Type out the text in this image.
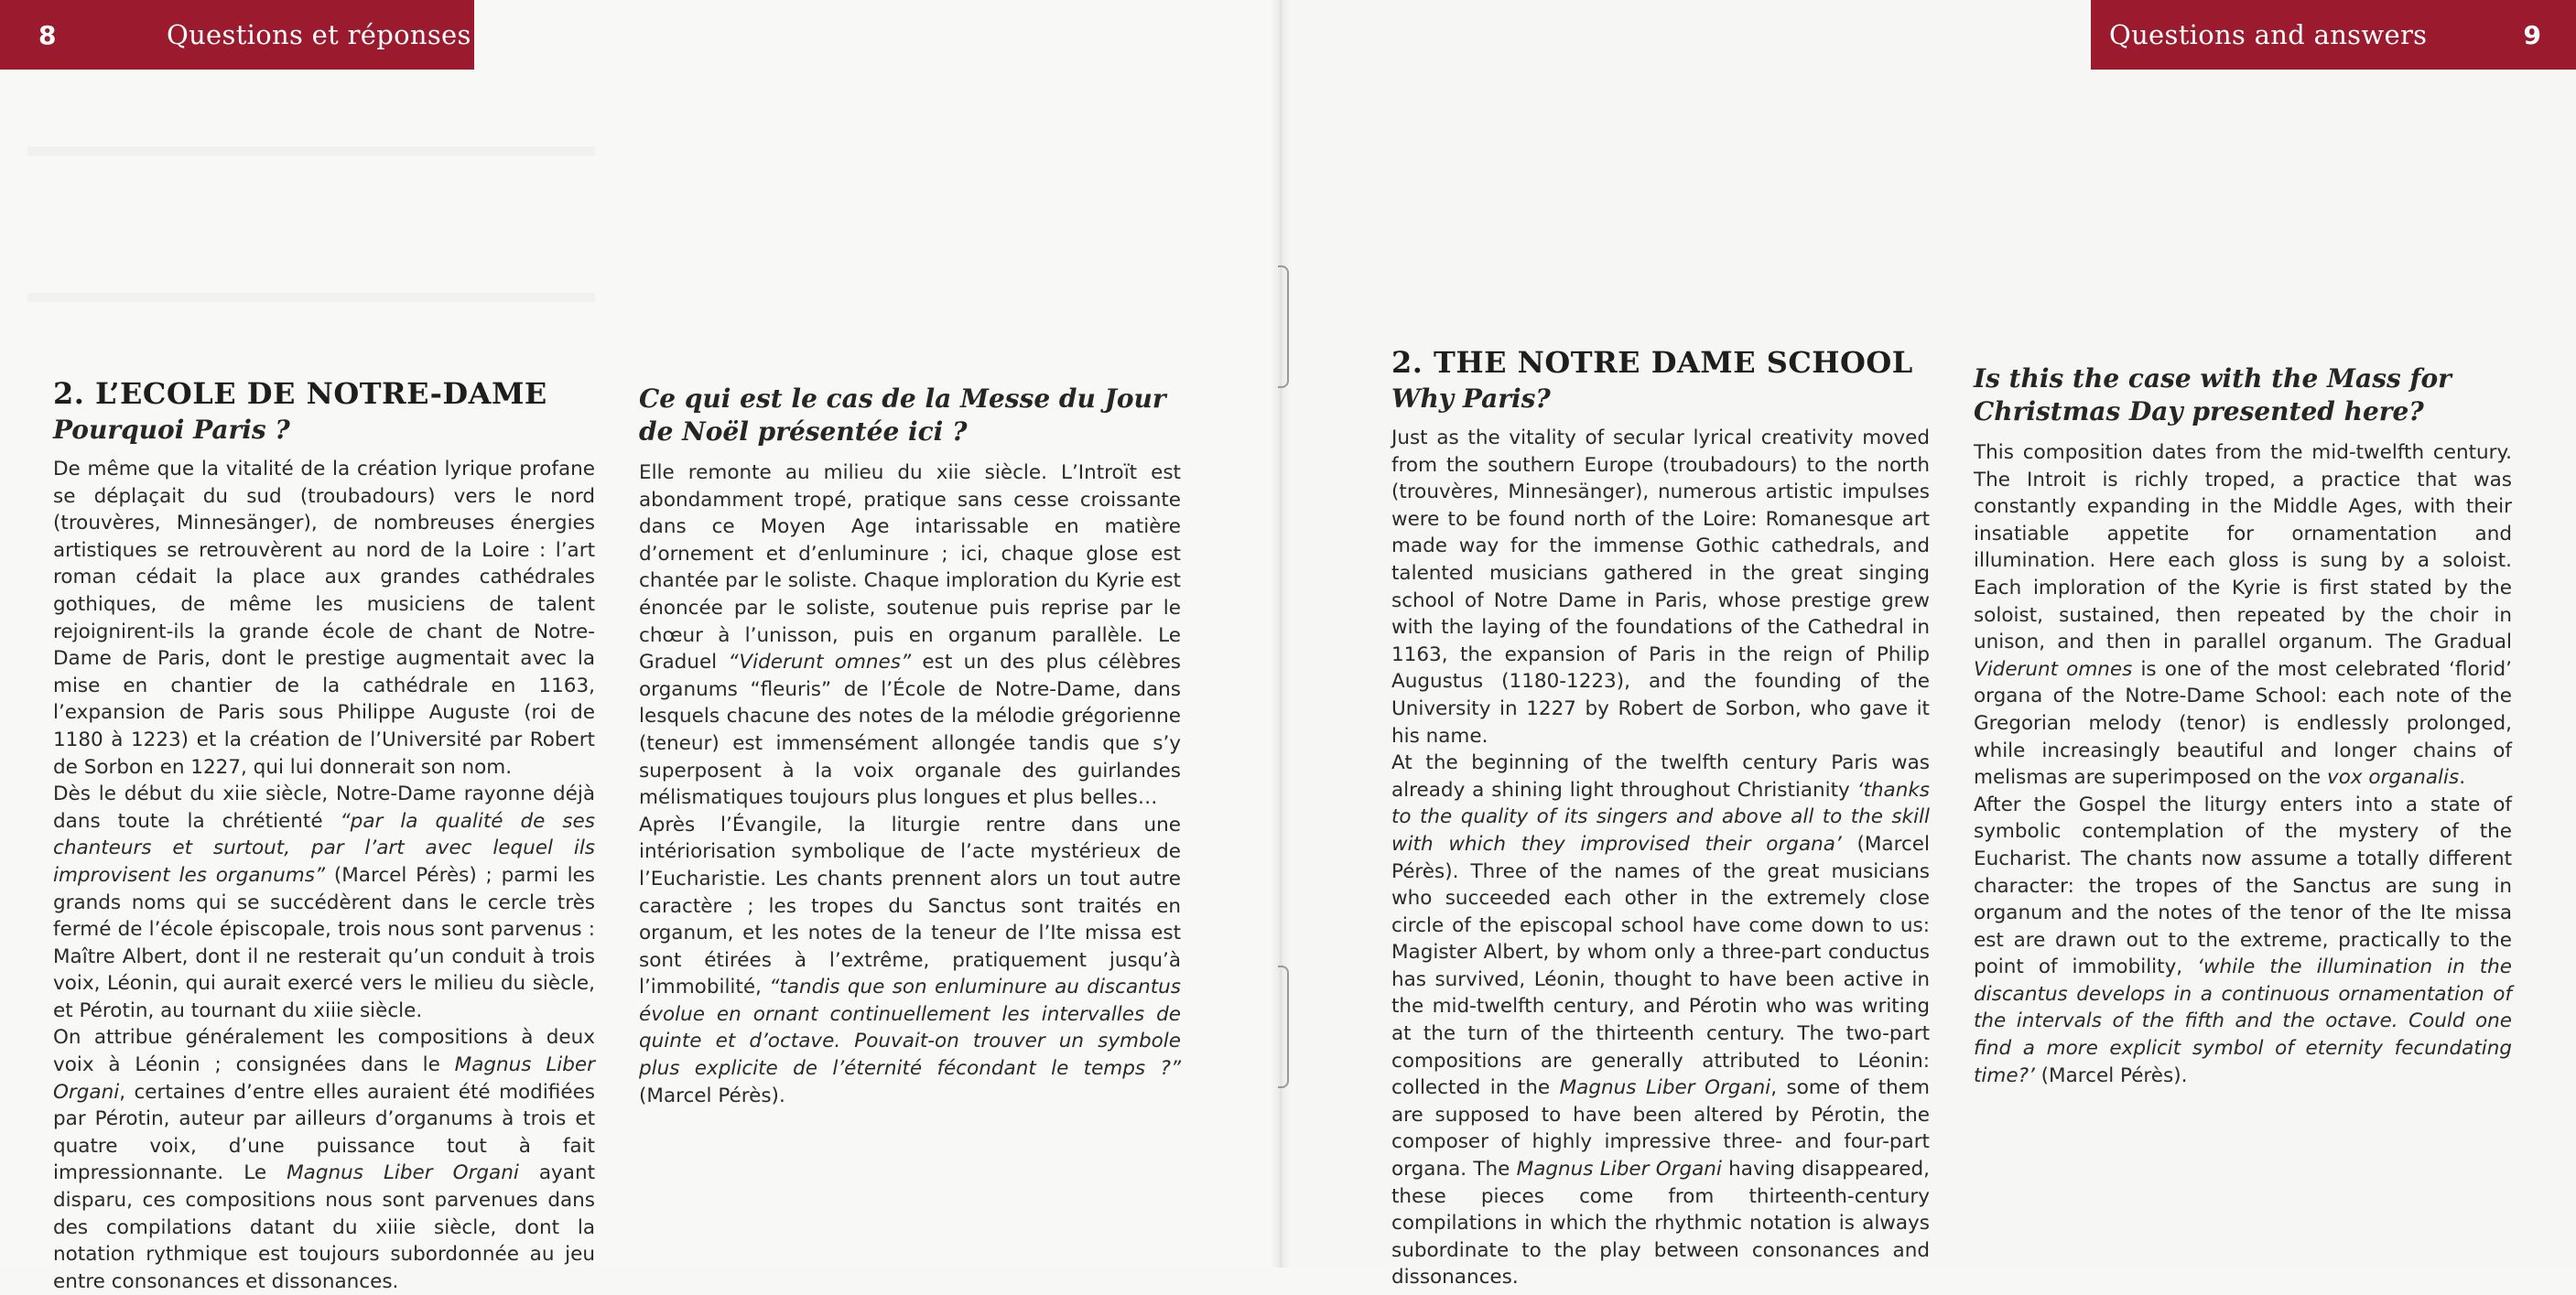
8	Questions et réponses
2. L’ECOLE DE NOTRE-DAME
Pourquoi Paris ?

De même que la vitalité de la création lyrique profane se déplaçait du sud (troubadours) vers le nord (trouvères, Minnesänger), de nombreuses énergies artistiques se retrouvèrent au nord de la Loire : l’art roman cédait la place aux grandes cathédrales gothiques, de même les musiciens de talent rejoignirent-ils la grande école de chant de Notre-Dame de Paris, dont le prestige augmentait avec la mise en chantier de la cathédrale en 1163, l’expansion de Paris sous Philippe Auguste (roi de 1180 à 1223) et la création de l’Université par Robert de Sorbon en 1227, qui lui donnerait son nom.

Dès le début du xiie siècle, Notre-Dame rayonne déjà dans toute la chrétienté “par la qualité de ses chanteurs et surtout, par l’art avec lequel ils improvisent les organums” (Marcel Pérès) ; parmi les grands noms qui se succédèrent dans le cercle très fermé de l’école épiscopale, trois nous sont parvenus : Maître Albert, dont il ne resterait qu’un conduit à trois voix, Léonin, qui aurait exercé vers le milieu du siècle, et Pérotin, au tournant du xiiie siècle.

On attribue généralement les compositions à deux voix à Léonin ; consignées dans le Magnus Liber Organi, certaines d’entre elles auraient été modifiées par Pérotin, auteur par ailleurs d’organums à trois et quatre voix, d’une puissance tout à fait impressionnante. Le Magnus Liber Organi ayant disparu, ces compositions nous sont parvenues dans des compilations datant du xiiie siècle, dont la notation rythmique est toujours subordonnée au jeu entre consonances et dissonances.

Ce qui est le cas de la Messe du Jour de Noël présentée ici ?

Elle remonte au milieu du xiie siècle. L’Introït est abondamment tropé, pratique sans cesse croissante dans ce Moyen Age intarissable en matière d’ornement et d’enluminure ; ici, chaque glose est chantée par le soliste. Chaque imploration du Kyrie est énoncée par le soliste, soutenue puis reprise par le chœur à l’unisson, puis en organum parallèle. Le Graduel “Viderunt omnes” est un des plus célèbres organums “fleuris” de l’École de Notre-Dame, dans lesquels chacune des notes de la mélodie grégorienne (teneur) est immensément allongée tandis que s’y superposent à la voix organale des guirlandes mélismatiques toujours plus longues et plus belles…

Après l’Évangile, la liturgie rentre dans une intériorisation symbolique de l’acte mystérieux de l’Eucharistie. Les chants prennent alors un tout autre caractère ; les tropes du Sanctus sont traités en organum, et les notes de la teneur de l’Ite missa est sont étirées à l’extrême, pratiquement jusqu’à l’immobilité, “tandis que son enluminure au discantus évolue en ornant continuellement les intervalles de quinte et d’octave. Pouvait-on trouver un symbole plus explicite de l’éternité fécondant le temps ?” (Marcel Pérès).

Questions and answers	9
2. THE NOTRE DAME SCHOOL
Why Paris?

Just as the vitality of secular lyrical creativity moved from the southern Europe (troubadours) to the north (trouvères, Minnesänger), numerous artistic impulses were to be found north of the Loire: Romanesque art made way for the immense Gothic cathedrals, and talented musicians gathered in the great singing school of Notre Dame in Paris, whose prestige grew with the laying of the foundations of the Cathedral in 1163, the expansion of Paris in the reign of Philip Augustus (1180-1223), and the founding of the University in 1227 by Robert de Sorbon, who gave it his name.

At the beginning of the twelfth century Paris was already a shining light throughout Christianity ‘thanks to the quality of its singers and above all to the skill with which they improvised their organa’ (Marcel Pérès). Three of the names of the great musicians who succeeded each other in the extremely close circle of the episcopal school have come down to us: Magister Albert, by whom only a three-part conductus has survived, Léonin, thought to have been active in the mid-twelfth century, and Pérotin who was writing at the turn of the thirteenth century. The two-part compositions are generally attributed to Léonin: collected in the Magnus Liber Organi, some of them are supposed to have been altered by Pérotin, the composer of highly impressive three- and four-part organa. The Magnus Liber Organi having disappeared, these pieces come from thirteenth-century compilations in which the rhythmic notation is always subordinate to the play between consonances and dissonances.

Is this the case with the Mass for Christmas Day presented here?

This composition dates from the mid-twelfth century. The Introit is richly troped, a practice that was constantly expanding in the Middle Ages, with their insatiable appetite for ornamentation and illumination. Here each gloss is sung by a soloist. Each imploration of the Kyrie is first stated by the soloist, sustained, then repeated by the choir in unison, and then in parallel organum. The Gradual Viderunt omnes is one of the most celebrated ‘florid’ organa of the Notre-Dame School: each note of the Gregorian melody (tenor) is endlessly prolonged, while increasingly beautiful and longer chains of melismas are superimposed on the vox organalis.

After the Gospel the liturgy enters into a state of symbolic contemplation of the mystery of the Eucharist. The chants now assume a totally different character: the tropes of the Sanctus are sung in organum and the notes of the tenor of the Ite missa est are drawn out to the extreme, practically to the point of immobility, ‘while the illumination in the discantus develops in a continuous ornamentation of the intervals of the fifth and the octave. Could one find a more explicit symbol of eternity fecundating time?’ (Marcel Pérès).
